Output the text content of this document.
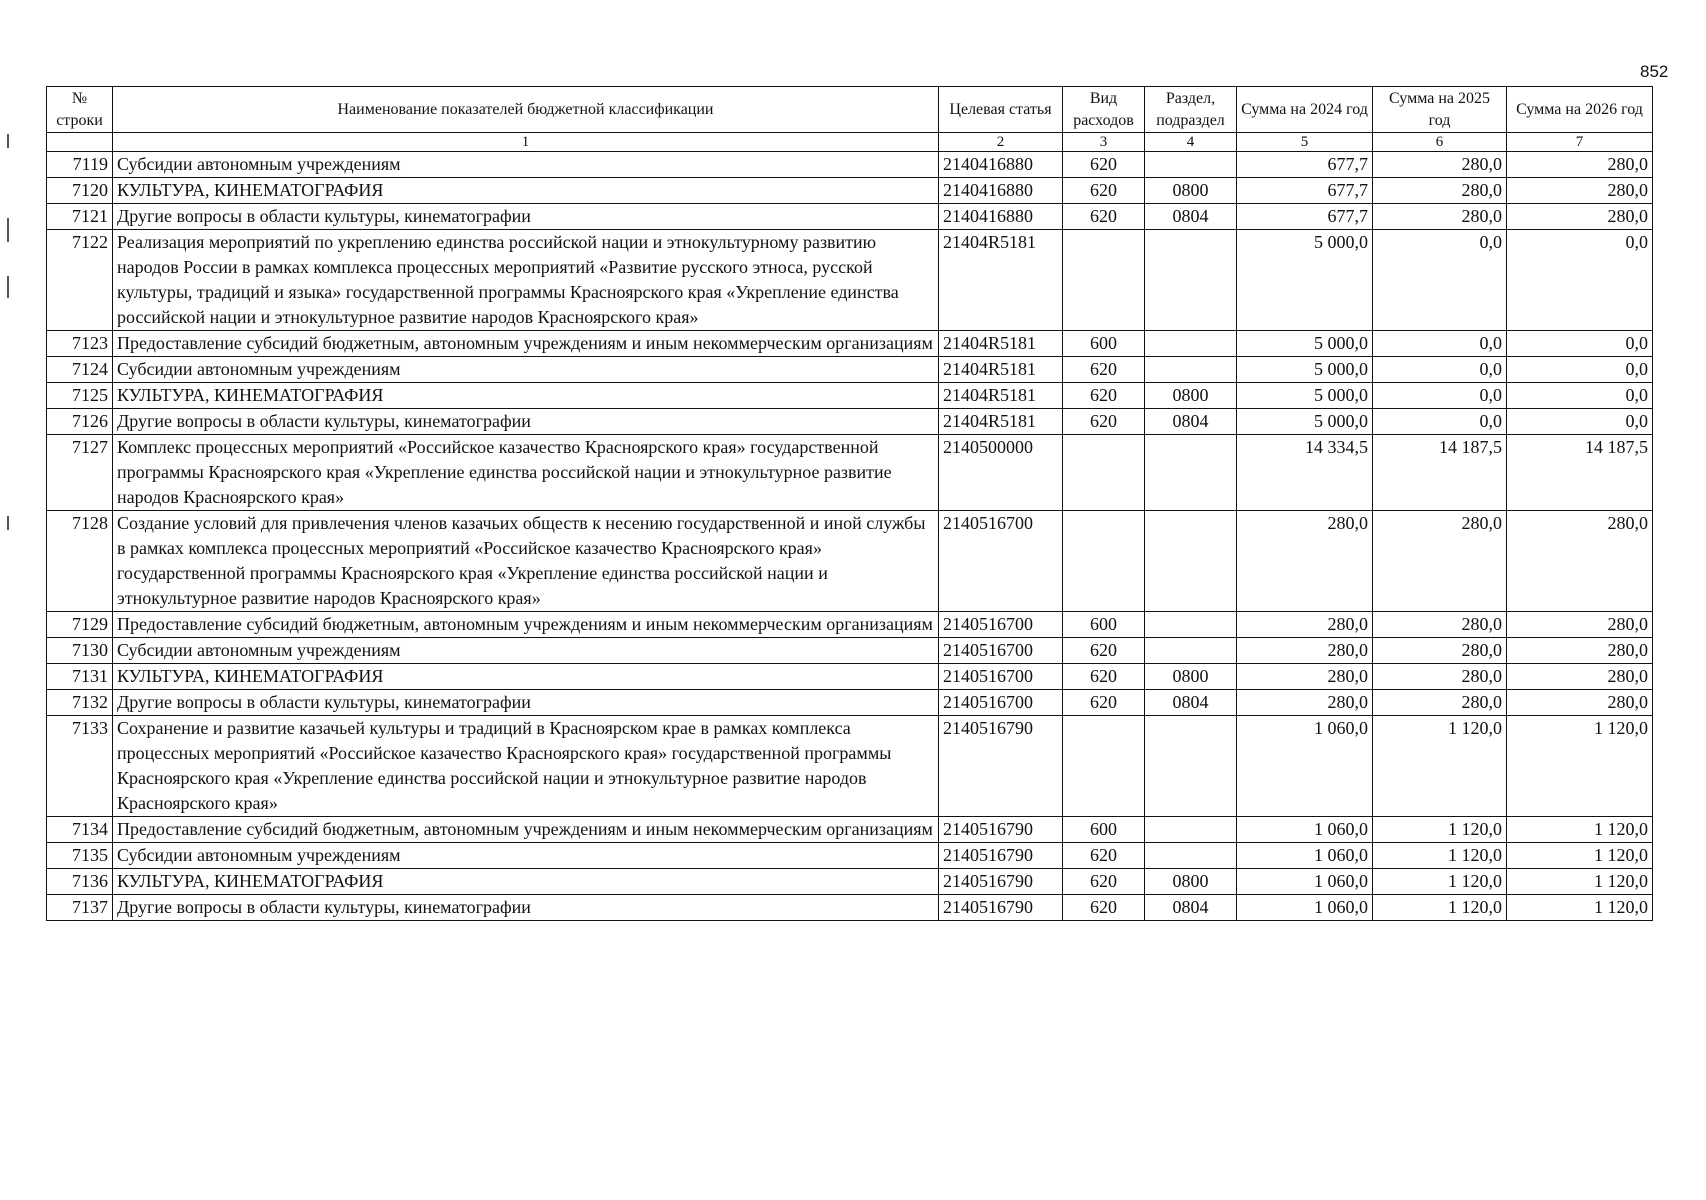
852
№ строки	Наименование показателей бюджетной классификации	Целевая статья	Вид расходов	Раздел, подраздел	Сумма на 2024 год	Сумма на 2025 год	Сумма на 2026 год
	1	2	3	4	5	6	7
7119	Субсидии автономным учреждениям	2140416880	620		677,7	280,0	280,0
7120	КУЛЬТУРА, КИНЕМАТОГРАФИЯ	2140416880	620	0800	677,7	280,0	280,0
7121	Другие вопросы в области культуры, кинематографии	2140416880	620	0804	677,7	280,0	280,0
7122	Реализация мероприятий по укреплению единства российской нации и этнокультурному развитию народов России в рамках комплекса процессных мероприятий «Развитие русского этноса, русской культуры, традиций и языка» государственной программы Красноярского края «Укрепление единства российской нации и этнокультурное развитие народов Красноярского края»	21404R5181			5 000,0	0,0	0,0
7123	Предоставление субсидий бюджетным, автономным учреждениям и иным некоммерческим организациям	21404R5181	600		5 000,0	0,0	0,0
7124	Субсидии автономным учреждениям	21404R5181	620		5 000,0	0,0	0,0
7125	КУЛЬТУРА, КИНЕМАТОГРАФИЯ	21404R5181	620	0800	5 000,0	0,0	0,0
7126	Другие вопросы в области культуры, кинематографии	21404R5181	620	0804	5 000,0	0,0	0,0
7127	Комплекс процессных мероприятий «Российское казачество Красноярского края» государственной программы Красноярского края «Укрепление единства российской нации и этнокультурное развитие народов Красноярского края»	2140500000			14 334,5	14 187,5	14 187,5
7128	Создание условий для привлечения членов казачьих обществ к несению государственной и иной службы в рамках комплекса процессных мероприятий «Российское казачество Красноярского края» государственной программы Красноярского края «Укрепление единства российской нации и этнокультурное развитие народов Красноярского края»	2140516700			280,0	280,0	280,0
7129	Предоставление субсидий бюджетным, автономным учреждениям и иным некоммерческим организациям	2140516700	600		280,0	280,0	280,0
7130	Субсидии автономным учреждениям	2140516700	620		280,0	280,0	280,0
7131	КУЛЬТУРА, КИНЕМАТОГРАФИЯ	2140516700	620	0800	280,0	280,0	280,0
7132	Другие вопросы в области культуры, кинематографии	2140516700	620	0804	280,0	280,0	280,0
7133	Сохранение и развитие казачьей культуры и традиций в Красноярском крае в рамках комплекса процессных мероприятий «Российское казачество Красноярского края» государственной программы Красноярского края «Укрепление единства российской нации и этнокультурное развитие народов Красноярского края»	2140516790			1 060,0	1 120,0	1 120,0
7134	Предоставление субсидий бюджетным, автономным учреждениям и иным некоммерческим организациям	2140516790	600		1 060,0	1 120,0	1 120,0
7135	Субсидии автономным учреждениям	2140516790	620		1 060,0	1 120,0	1 120,0
7136	КУЛЬТУРА, КИНЕМАТОГРАФИЯ	2140516790	620	0800	1 060,0	1 120,0	1 120,0
7137	Другие вопросы в области культуры, кинематографии	2140516790	620	0804	1 060,0	1 120,0	1 120,0
